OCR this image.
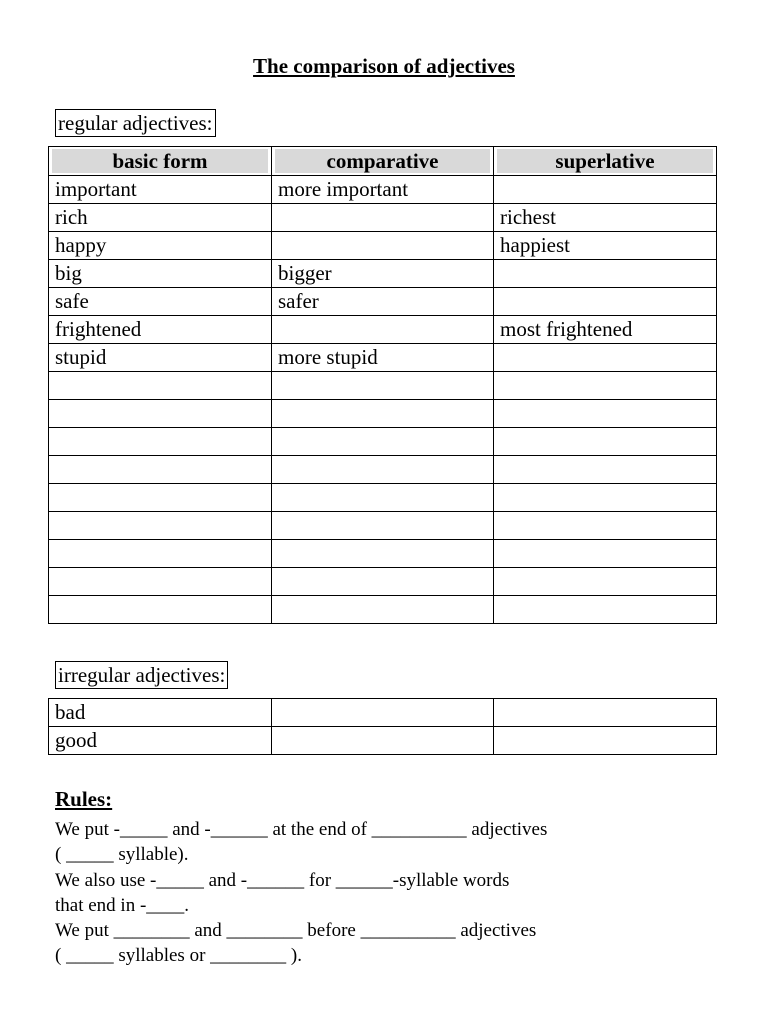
The comparison of adjectives
regular adjectives:
basic form	comparative	superlative

important	more important	
rich		richest
happy		happiest
big	bigger	
safe	safer	
frightened		most frightened
stupid	more stupid	

irregular adjectives:
bad		
good		
Rules:
We put -_____ and -______ at the end of __________ adjectives
( _____ syllable).
We also use -_____ and -______ for ______-syllable words
that end in -____.
We put ________ and ________ before __________ adjectives
( _____ syllables or ________ ).
